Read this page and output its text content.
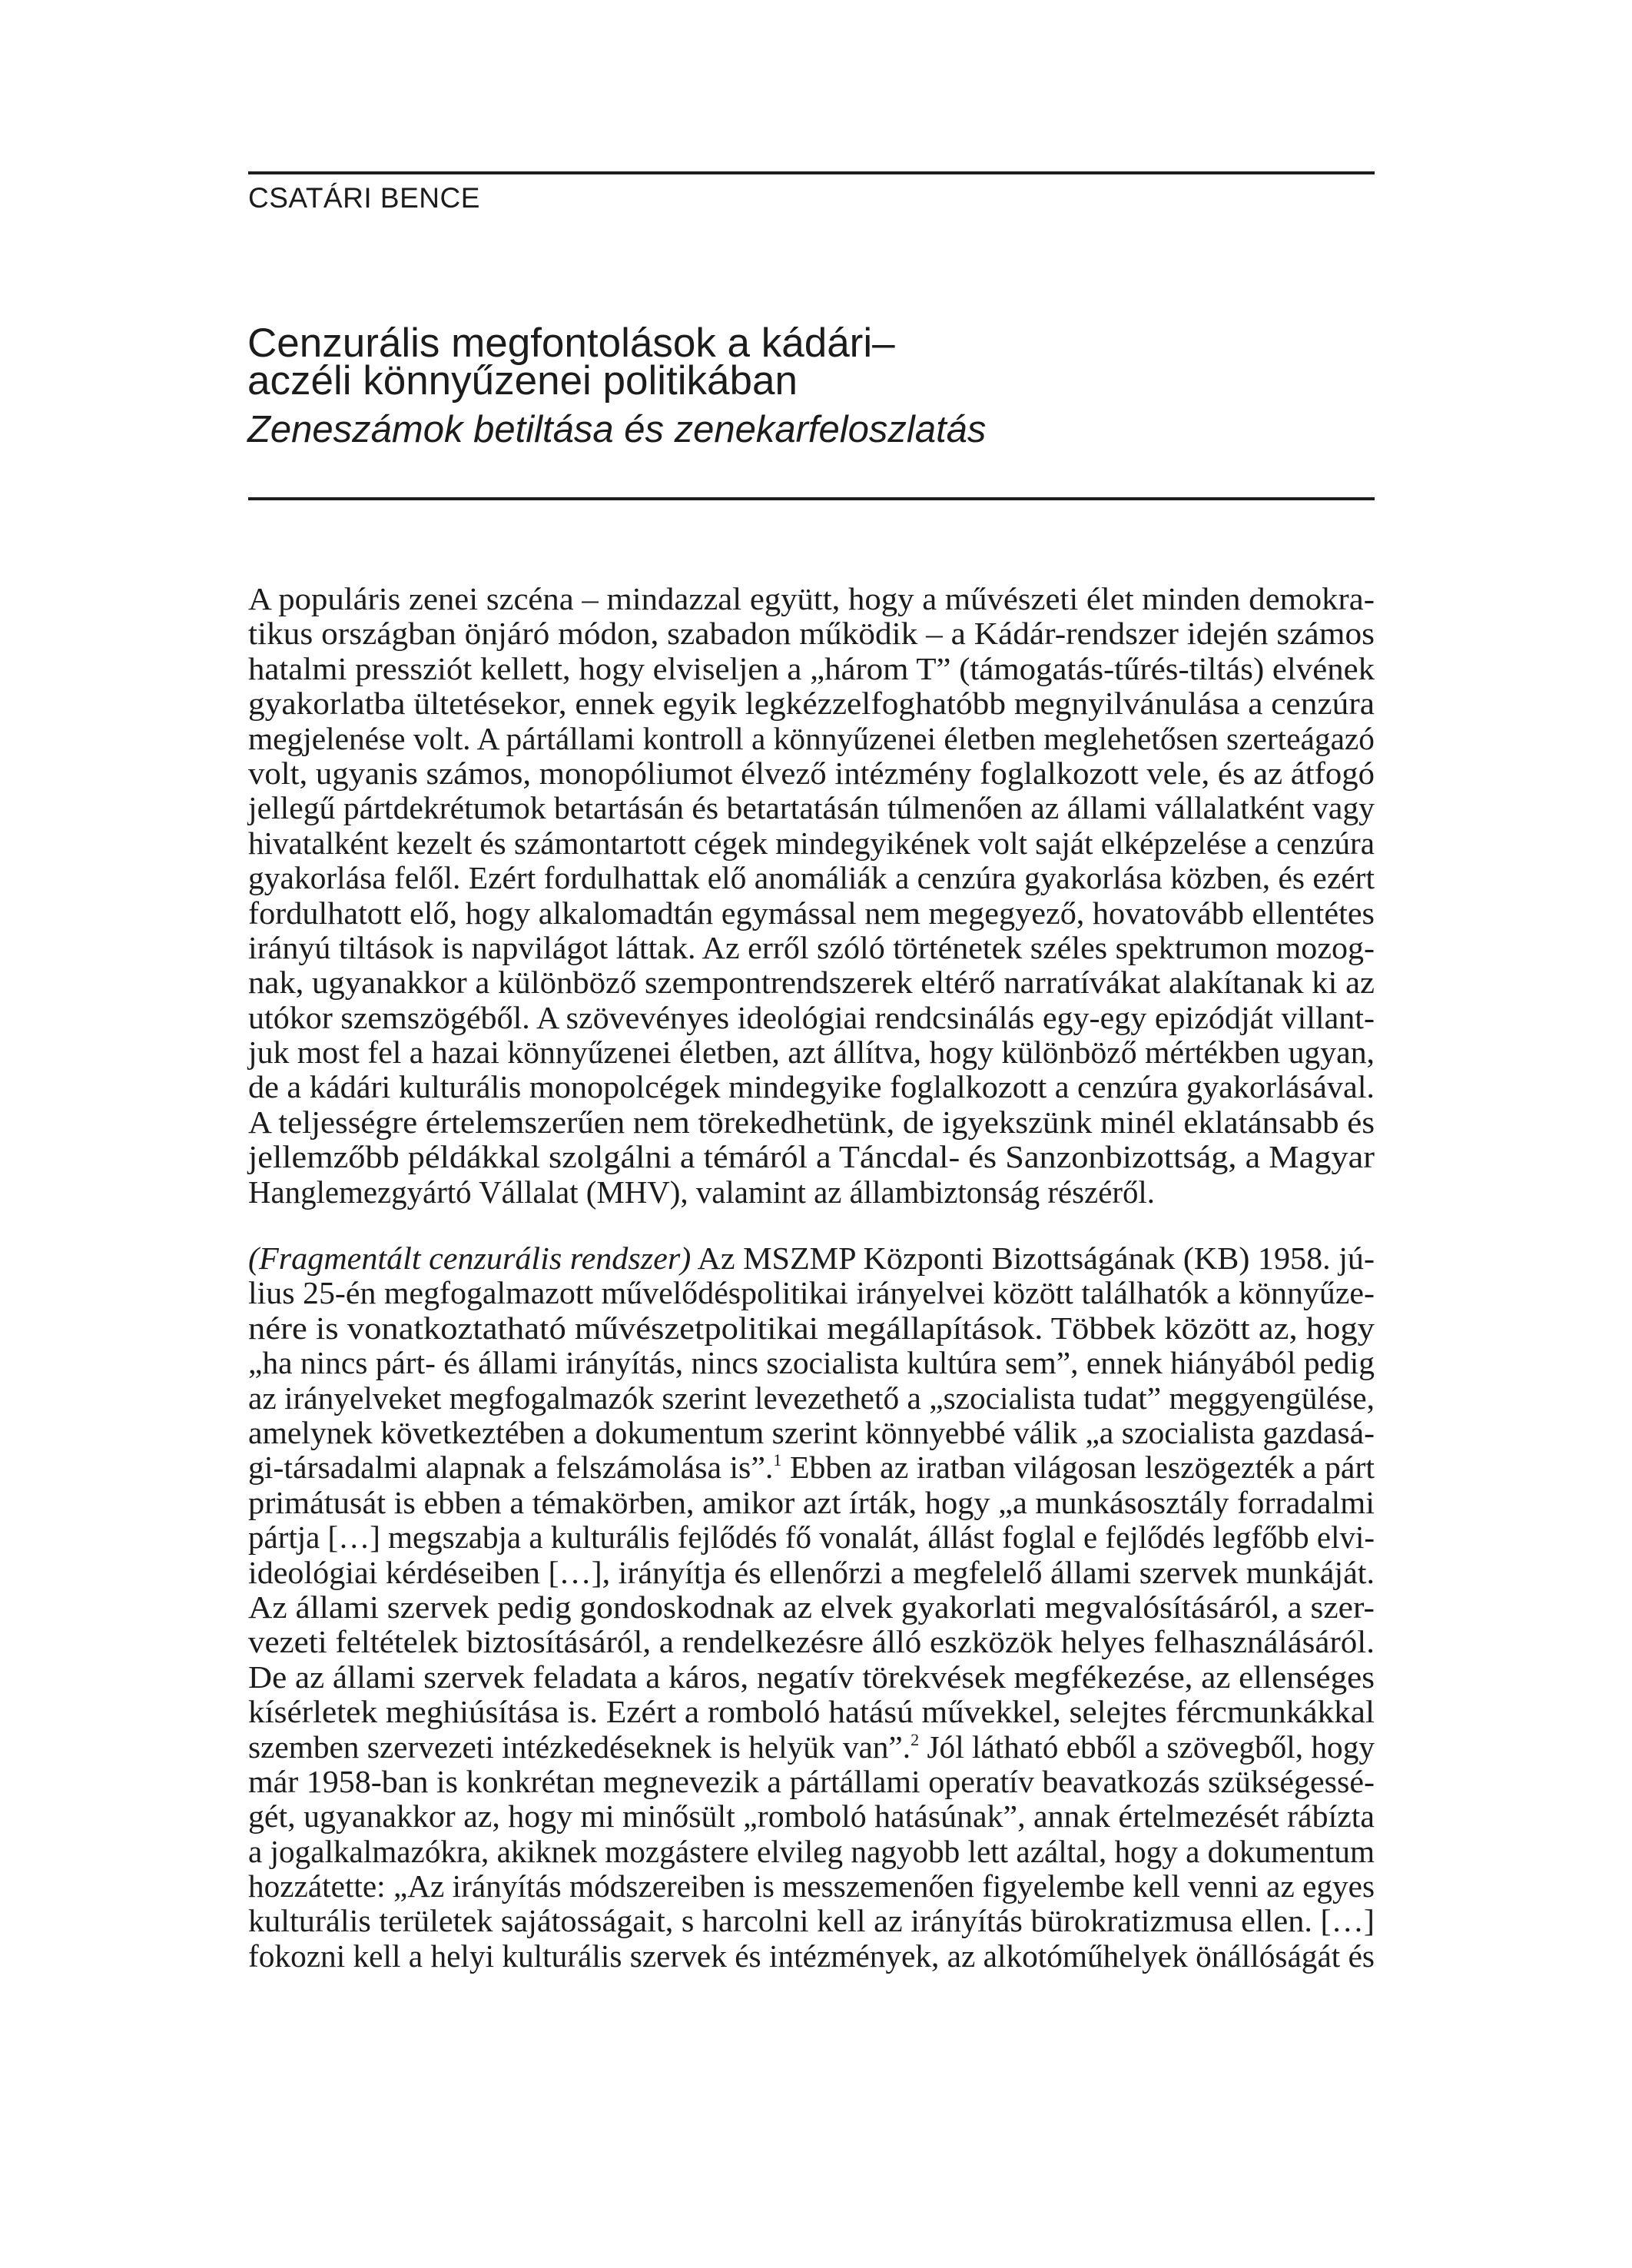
CSATÁRI BENCE
Cenzurális megfontolások a kádári–
aczéli könnyűzenei politikában
Zeneszámok betiltása és zenekarfeloszlatás
A populáris zenei szcéna – mindazzal együtt, hogy a művészeti élet minden demokra-
tikus országban önjáró módon, szabadon működik – a Kádár-rendszer idején számos
hatalmi pressziót kellett, hogy elviseljen a „három T” (támogatás-tűrés-tiltás) elvének
gyakorlatba ültetésekor, ennek egyik legkézzelfoghatóbb megnyilvánulása a cenzúra
megjelenése volt. A pártállami kontroll a könnyűzenei életben meglehetősen szerteágazó
volt, ugyanis számos, monopóliumot élvező intézmény foglalkozott vele, és az átfogó
jellegű pártdekrétumok betartásán és betartatásán túlmenően az állami vállalatként vagy
hivatalként kezelt és számontartott cégek mindegyikének volt saját elképzelése a cenzúra
gyakorlása felől. Ezért fordulhattak elő anomáliák a cenzúra gyakorlása közben, és ezért
fordulhatott elő, hogy alkalomadtán egymással nem megegyező, hovatovább ellentétes
irányú tiltások is napvilágot láttak. Az erről szóló történetek széles spektrumon mozog-
nak, ugyanakkor a különböző szempontrendszerek eltérő narratívákat alakítanak ki az
utókor szemszögéből. A szövevényes ideológiai rendcsinálás egy-egy epizódját villant-
juk most fel a hazai könnyűzenei életben, azt állítva, hogy különböző mértékben ugyan,
de a kádári kulturális monopolcégek mindegyike foglalkozott a cenzúra gyakorlásával.
A teljességre értelemszerűen nem törekedhetünk, de igyekszünk minél eklatánsabb és
jellemzőbb példákkal szolgálni a témáról a Táncdal- és Sanzonbizottság, a Magyar
Hanglemezgyártó Vállalat (MHV), valamint az állambiztonság részéről.
(Fragmentált cenzurális rendszer) Az MSZMP Központi Bizottságának (KB) 1958. jú-
lius 25-én megfogalmazott művelődéspolitikai irányelvei között találhatók a könnyűze-
nére is vonatkoztatható művészetpolitikai megállapítások. Többek között az, hogy
„ha nincs párt- és állami irányítás, nincs szocialista kultúra sem”, ennek hiányából pedig
az irányelveket megfogalmazók szerint levezethető a „szocialista tudat” meggyengülése,
amelynek következtében a dokumentum szerint könnyebbé válik „a szocialista gazdasá-
gi-társadalmi alapnak a felszámolása is”.$^1$ Ebben az iratban világosan leszögezték a párt
primátusát is ebben a témakörben, amikor azt írták, hogy „a munkásosztály forradalmi
pártja […] megszabja a kulturális fejlődés fő vonalát, állást foglal e fejlődés legfőbb elvi-
ideológiai kérdéseiben […], irányítja és ellenőrzi a megfelelő állami szervek munkáját.
Az állami szervek pedig gondoskodnak az elvek gyakorlati megvalósításáról, a szer-
vezeti feltételek biztosításáról, a rendelkezésre álló eszközök helyes felhasználásáról.
De az állami szervek feladata a káros, negatív törekvések megfékezése, az ellenséges
kísérletek meghiúsítása is. Ezért a romboló hatású művekkel, selejtes fércmunkákkal
szemben szervezeti intézkedéseknek is helyük van”.$^2$ Jól látható ebből a szövegből, hogy
már 1958-ban is konkrétan megnevezik a pártállami operatív beavatkozás szükségessé-
gét, ugyanakkor az, hogy mi minősült „romboló hatásúnak”, annak értelmezését rábízta
a jogalkalmazókra, akiknek mozgástere elvileg nagyobb lett azáltal, hogy a dokumentum
hozzátette: „Az irányítás módszereiben is messzemenően figyelembe kell venni az egyes
kulturális területek sajátosságait, s harcolni kell az irányítás bürokratizmusa ellen. […]
fokozni kell a helyi kulturális szervek és intézmények, az alkotóműhelyek önállóságát és
